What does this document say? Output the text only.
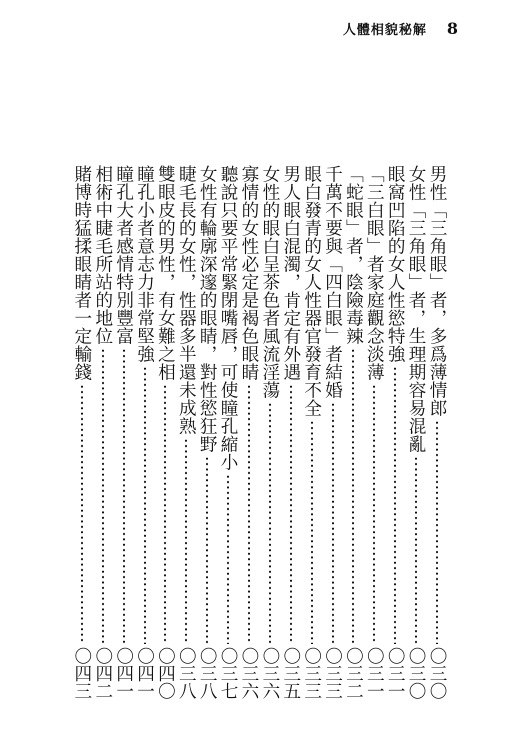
人體相貌秘解 8
男性「三角眼」者，多爲薄情郎
〇三〇
女性「三角眼」者，生理期容易混亂
〇三〇
眼窩凹陷的女人性慾特強
〇三一
「三白眼」者家庭觀念淡薄
〇三一
「蛇眼」者，陰險毒辣
〇三二
千萬不要與「四白眼」者結婚
〇三三
眼白發青的女人性器官發育不全
〇三三
男人眼白混濁，肯定有外遇
〇三五
女性的眼白呈茶色者風流淫蕩
〇三六
寡情的女性必定是褐色眼睛
〇三六
聽說只要平常緊閉嘴唇，可使瞳孔縮小
〇三七
女性有輪廓深邃的眼睛，對性慾狂野
〇三八
睫毛長的女性，性器多半還未成熟
〇三八
雙眼皮的男性，有女難之相
〇四〇
瞳孔小者意志力非常堅強
〇四一
瞳孔大者感情特別豐富
〇四一
相術中睫毛所站的地位
〇四二
賭博時猛揉眼睛者一定輸錢
〇四三
